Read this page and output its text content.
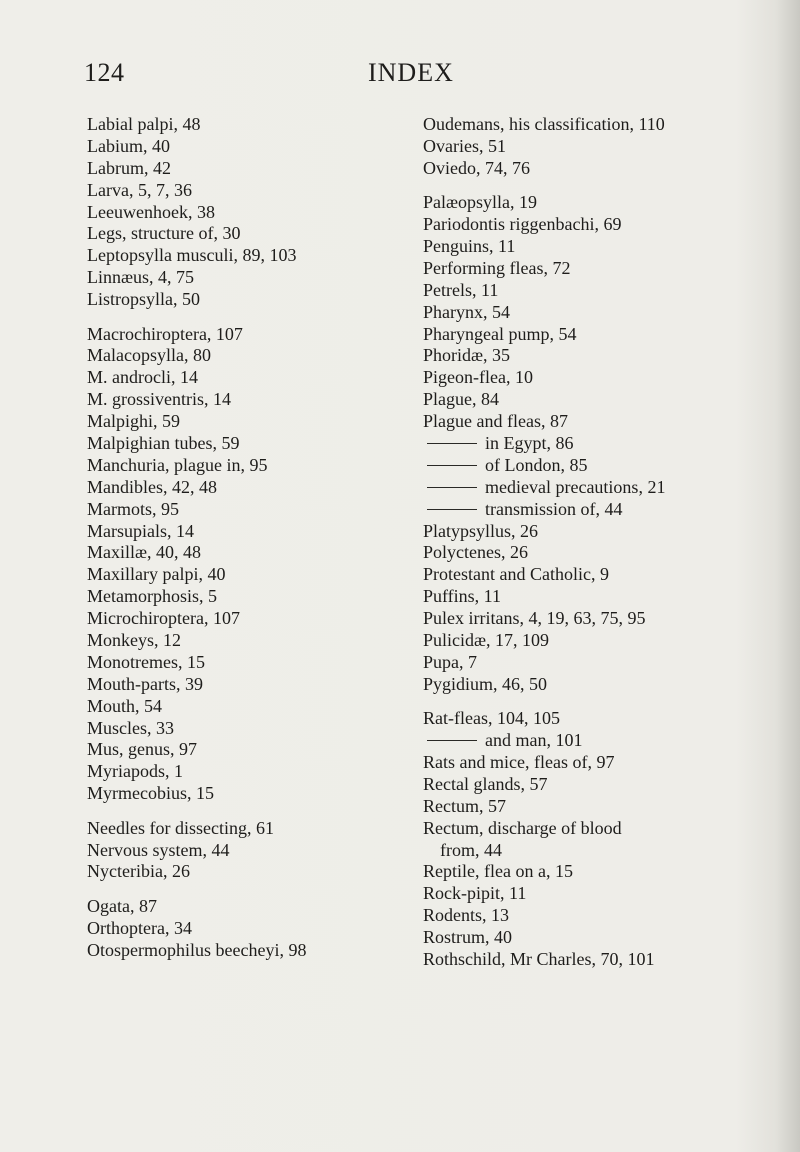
124	INDEX
Labial palpi, 48
Labium, 40
Labrum, 42
Larva, 5, 7, 36
Leeuwenhoek, 38
Legs, structure of, 30
Leptopsylla musculi, 89, 103
Linnæus, 4, 75
Listropsylla, 50
Macrochiroptera, 107
Malacopsylla, 80
M. androcli, 14
M. grossiventris, 14
Malpighi, 59
Malpighian tubes, 59
Manchuria, plague in, 95
Mandibles, 42, 48
Marmots, 95
Marsupials, 14
Maxillæ, 40, 48
Maxillary palpi, 40
Metamorphosis, 5
Microchiroptera, 107
Monkeys, 12
Monotremes, 15
Mouth-parts, 39
Mouth, 54
Muscles, 33
Mus, genus, 97
Myriapods, 1
Myrmecobius, 15
Needles for dissecting, 61
Nervous system, 44
Nycteribia, 26
Ogata, 87
Orthoptera, 34
Otospermophilus beecheyi, 98
Oudemans, his classification, 110
Ovaries, 51
Oviedo, 74, 76
Palæopsylla, 19
Pariodontis riggenbachi, 69
Penguins, 11
Performing fleas, 72
Petrels, 11
Pharynx, 54
Pharyngeal pump, 54
Phoridæ, 35
Pigeon-flea, 10
Plague, 84
Plague and fleas, 87
in Egypt, 86
of London, 85
medieval precautions, 21
transmission of, 44
Platypsyllus, 26
Polyctenes, 26
Protestant and Catholic, 9
Puffins, 11
Pulex irritans, 4, 19, 63, 75, 95
Pulicidæ, 17, 109
Pupa, 7
Pygidium, 46, 50
Rat-fleas, 104, 105
and man, 101
Rats and mice, fleas of, 97
Rectal glands, 57
Rectum, 57
Rectum, discharge of blood
from, 44
Reptile, flea on a, 15
Rock-pipit, 11
Rodents, 13
Rostrum, 40
Rothschild, Mr Charles, 70, 101
